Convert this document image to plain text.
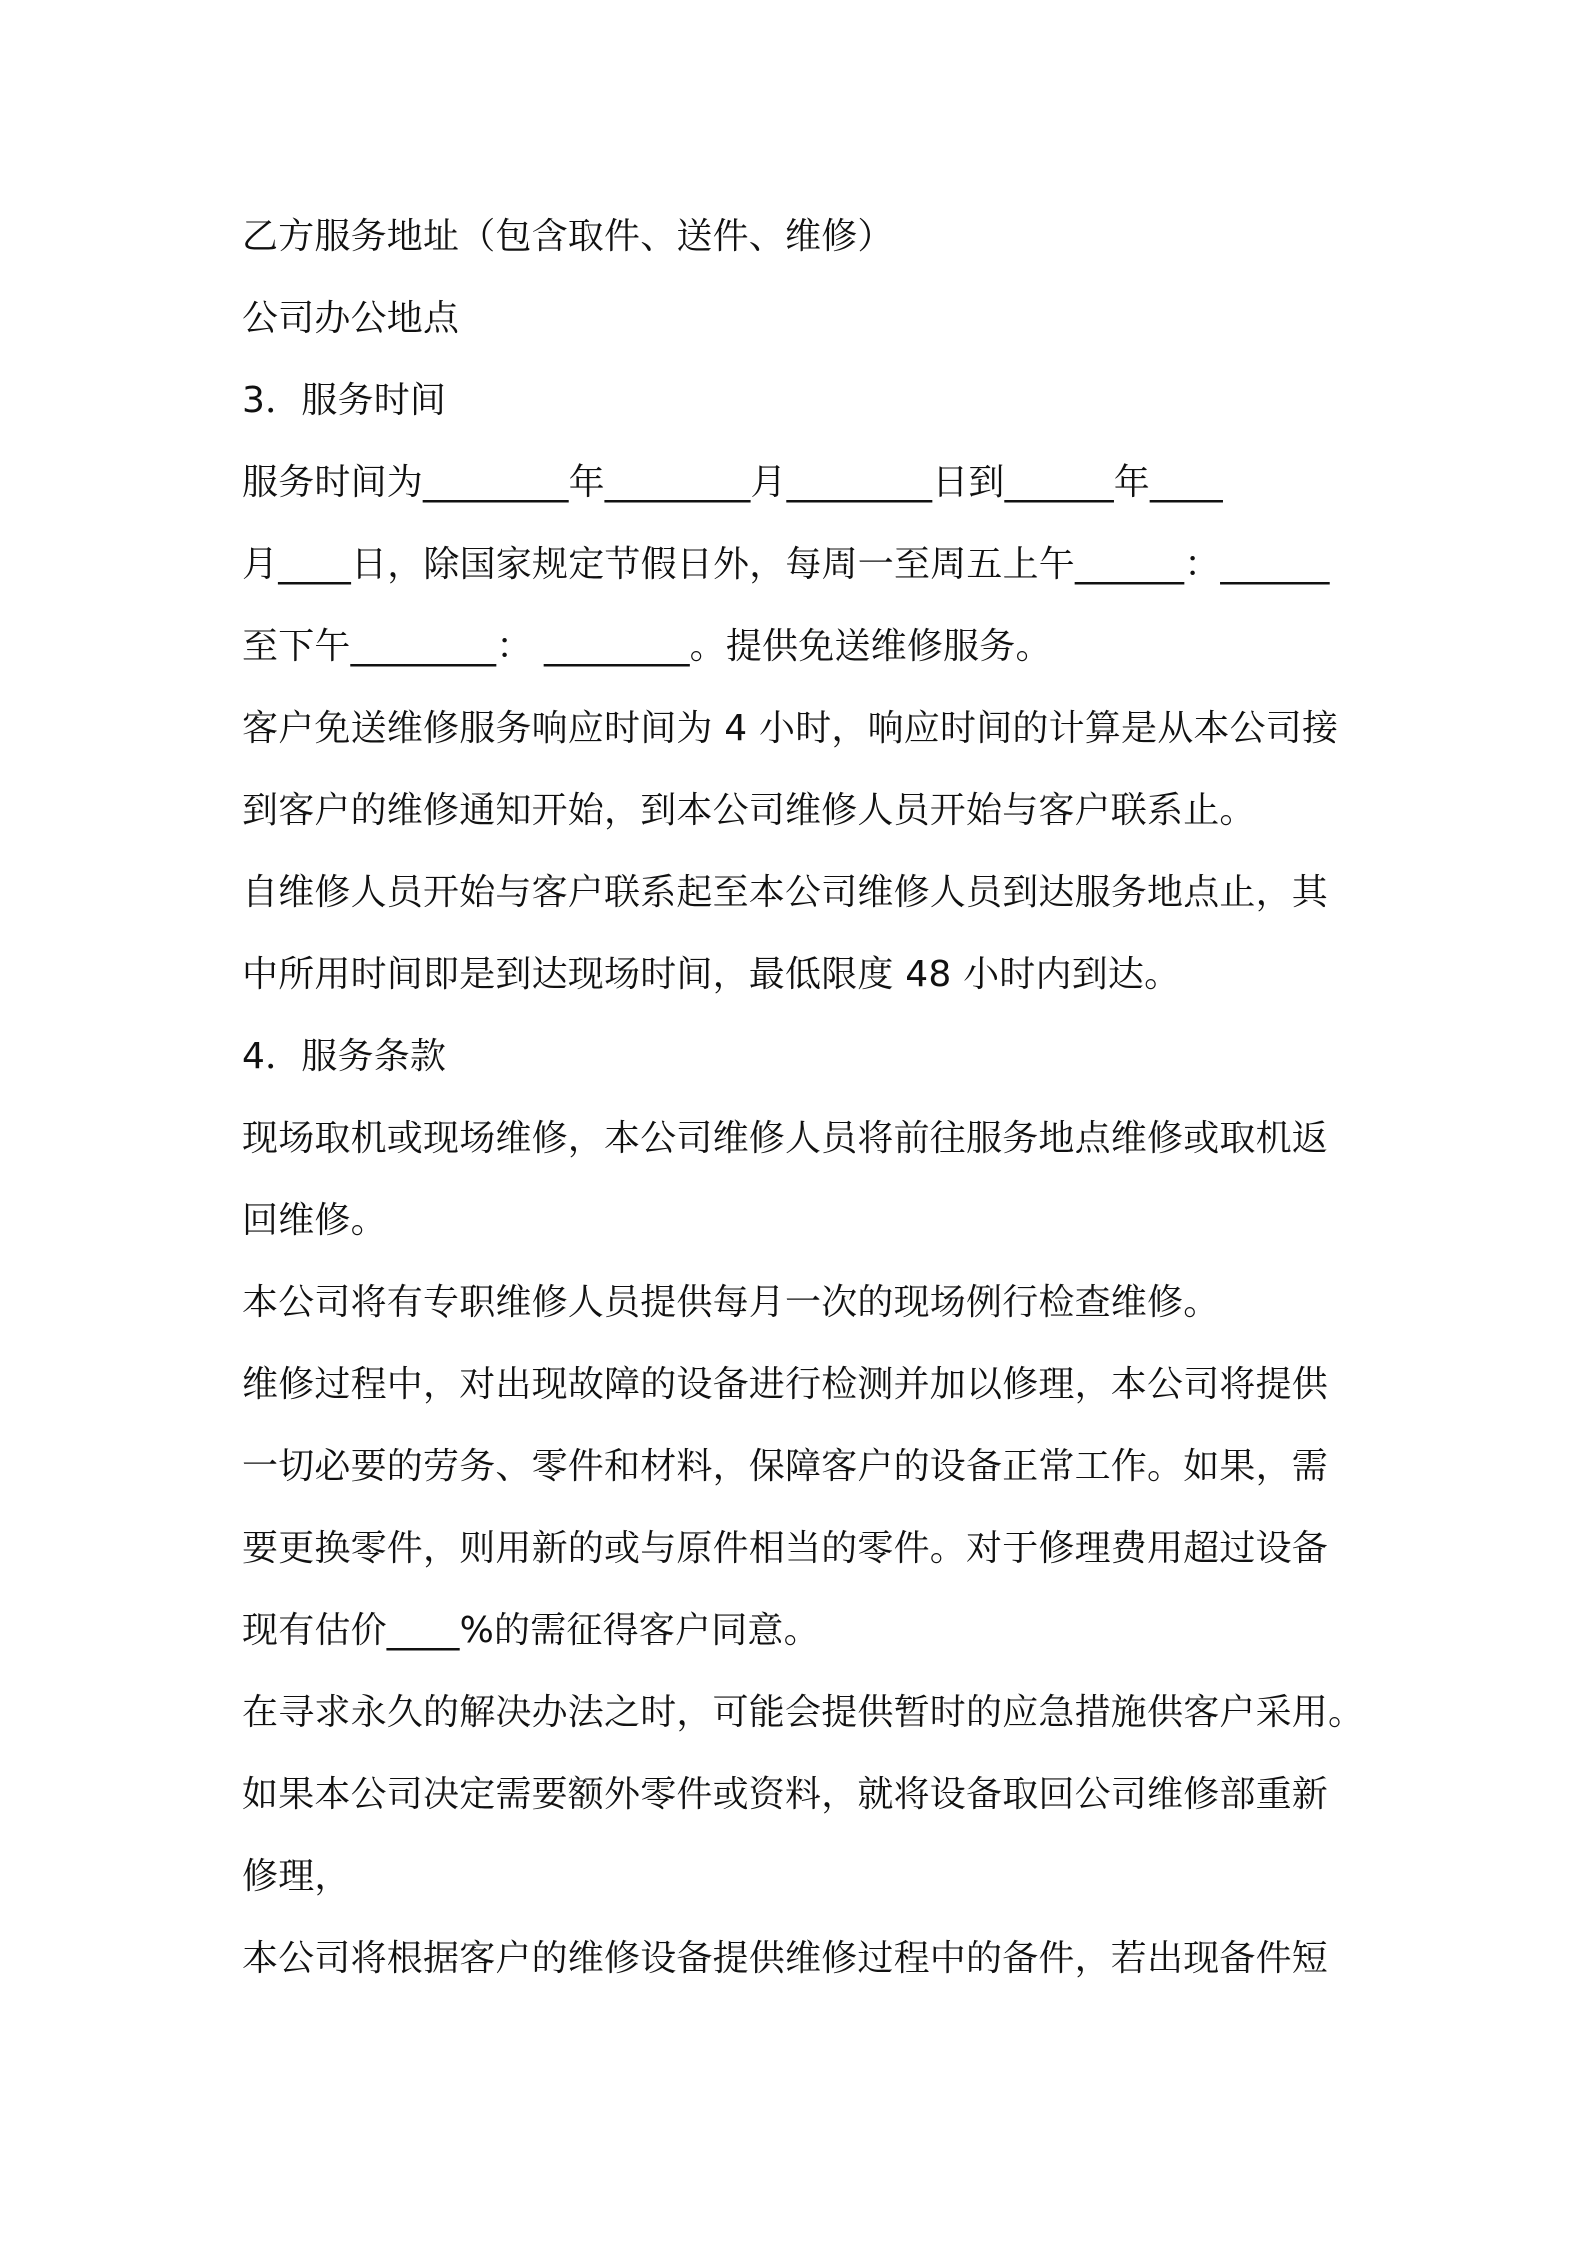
乙方服务地址（包含取件、送件、维修）
公司办公地点
3．服务时间
服务时间为________年________月________日到______年____
月____日，除国家规定节假日外，每周一至周五上午______：______
至下午________： ________。提供免送维修服务。
客户免送维修服务响应时间为 4 小时，响应时间的计算是从本公司接
到客户的维修通知开始，到本公司维修人员开始与客户联系止。
自维修人员开始与客户联系起至本公司维修人员到达服务地点止，其
中所用时间即是到达现场时间，最低限度 48 小时内到达。
4．服务条款
现场取机或现场维修，本公司维修人员将前往服务地点维修或取机返
回维修。
本公司将有专职维修人员提供每月一次的现场例行检查维修。
维修过程中，对出现故障的设备进行检测并加以修理，本公司将提供
一切必要的劳务、零件和材料，保障客户的设备正常工作。如果，需
要更换零件，则用新的或与原件相当的零件。对于修理费用超过设备
现有估价____%的需征得客户同意。
在寻求永久的解决办法之时，可能会提供暂时的应急措施供客户采用。
如果本公司决定需要额外零件或资料，就将设备取回公司维修部重新
修理，
本公司将根据客户的维修设备提供维修过程中的备件，若出现备件短
